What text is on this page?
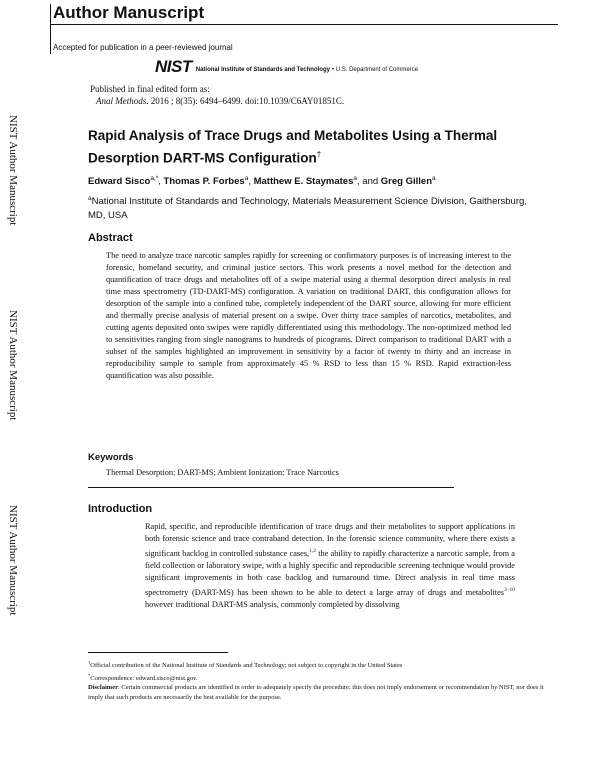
Author Manuscript
Accepted for publication in a peer-reviewed journal
NIST National Institute of Standards and Technology • U.S. Department of Commerce
Published in final edited form as:
Anal Methods. 2016 ; 8(35): 6494–6499. doi:10.1039/C6AY01851C.
NIST Author Manuscript
NIST Author Manuscript
NIST Author Manuscript
Rapid Analysis of Trace Drugs and Metabolites Using a Thermal Desorption DART-MS Configuration†
Edward Sisco$^{a,*}$, Thomas P. Forbes$^a$, Matthew E. Staymates$^a$, and Greg Gillen$^a$
$^a$National Institute of Standards and Technology, Materials Measurement Science Division, Gaithersburg, MD, USA
Abstract
The need to analyze trace narcotic samples rapidly for screening or confirmatory purposes is of increasing interest to the forensic, homeland security, and criminal justice sectors. This work presents a novel method for the detection and quantification of trace drugs and metabolites off of a swipe material using a thermal desorption direct analysis in real time mass spectrometry (TD-DART-MS) configuration. A variation on traditional DART, this configuration allows for desorption of the sample into a confined tube, completely independent of the DART source, allowing for more efficient and thermally precise analysis of material present on a swipe. Over thirty trace samples of narcotics, metabolites, and cutting agents deposited onto swipes were rapidly differentiated using this methodology. The non-optimized method led to sensitivities ranging from single nanograms to hundreds of picograms. Direct comparison to traditional DART with a subset of the samples highlighted an improvement in sensitivity by a factor of twenty to thirty and an increase in reproducibility sample to sample from approximately 45 % RSD to less than 15 % RSD. Rapid extraction-less quantification was also possible.
Keywords
Thermal Desorption; DART-MS; Ambient Ionization; Trace Narcotics
Introduction
Rapid, specific, and reproducible identification of trace drugs and their metabolites to support applications in both forensic science and trace contraband detection. In the forensic science community, where there exists a significant backlog in controlled substance cases,$^{1,2}$ the ability to rapidly characterize a narcotic sample, from a field collection or laboratory swipe, with a highly specific and reproducible screening technique would provide significant improvements in both case backlog and turnaround time. Direct analysis in real time mass spectrometry (DART-MS) has been shown to be able to detect a large array of drugs and metabolites$^{3-10}$ however traditional DART-MS analysis, commonly completed by dissolving
†Official contribution of the National Institute of Standards and Technology; not subject to copyright in the United States
*Correspondence: edward.sisco@nist.gov.
Disclaimer: Certain commercial products are identified in order to adequately specify the procedure; this does not imply endorsement or recommendation by NIST, nor does it imply that such products are necessarily the best available for the purpose.
